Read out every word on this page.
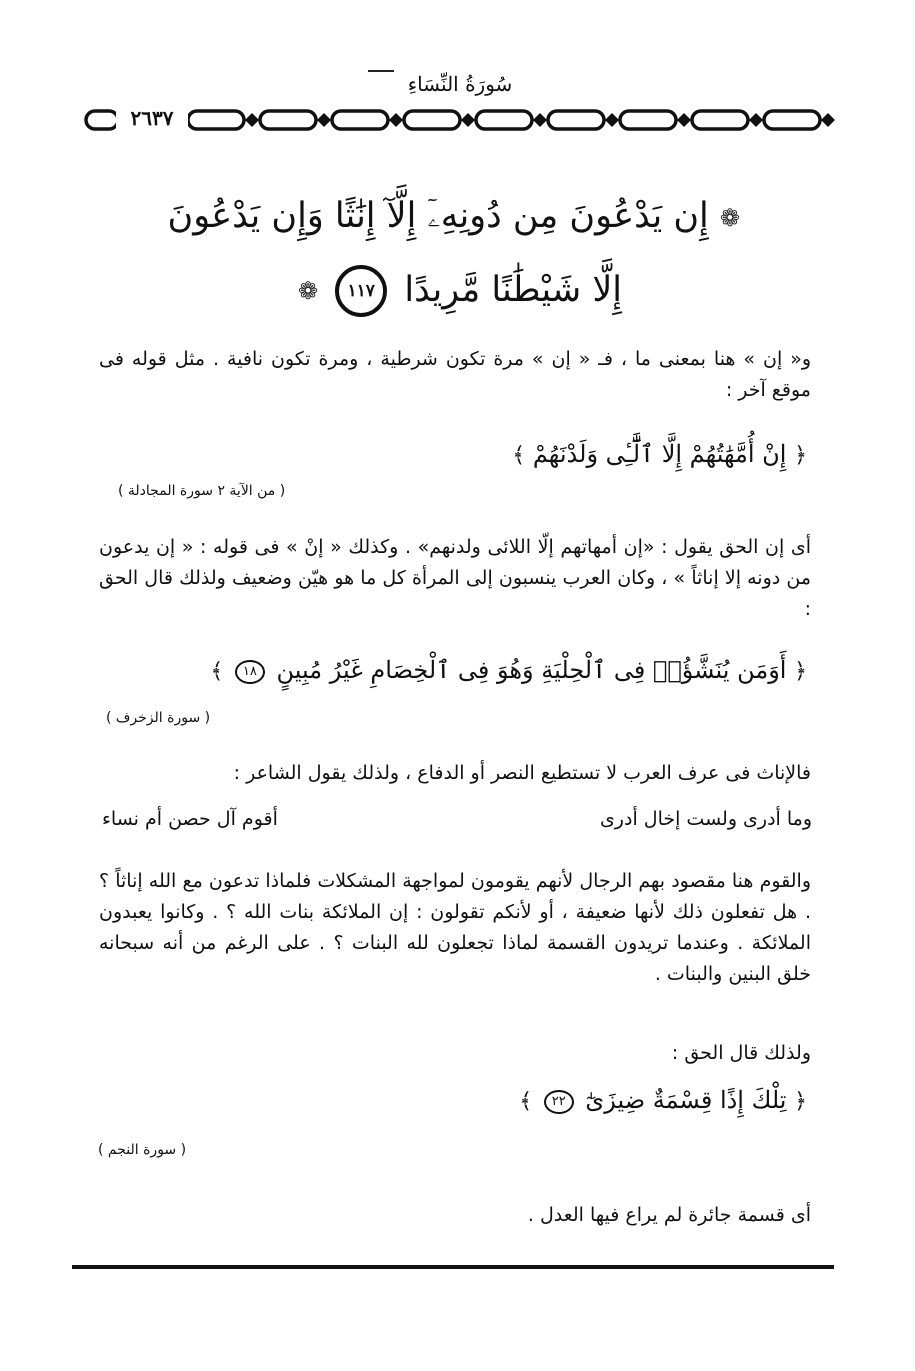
سُورَةُ النِّسَاءِ
٢٦٣٧
❁ إِن يَدْعُونَ مِن دُونِهِۦٓ إِلَّآ إِنَٰثًا وَإِن يَدْعُونَ
إِلَّا شَيْطَٰنًا مَّرِيدًا ١١٧ ❁

و« إن » هنا بمعنى ما ، فـ « إن » مرة تكون شرطية ، ومرة تكون نافية . مثل قوله فى موقع آخر :

﴿ إِنْ أُمَّهَٰتُهُمْ إِلَّا ٱلَّٰٓـِٔى وَلَدْنَهُمْ ﴾
( من الآية ٢ سورة المجادلة )

أى إن الحق يقول : «إن أمهاتهم إلّا اللائى ولدنهم» . وكذلك « إنْ » فى قوله : « إن يدعون من دونه إلا إناثاً » ، وكان العرب ينسبون إلى المرأة كل ما هو هيّن وضعيف ولذلك قال الحق :

﴿ أَوَمَن يُنَشَّؤُا۟ فِى ٱلْحِلْيَةِ وَهُوَ فِى ٱلْخِصَامِ غَيْرُ مُبِينٍ ١٨ ﴾
( سورة الزخرف )

فالإناث فى عرف العرب لا تستطيع النصر أو الدفاع ، ولذلك يقول الشاعر :

وما أدرى ولست إخال أدرى
أقوم آل حصن أم نساء

والقوم هنا مقصود بهم الرجال لأنهم يقومون لمواجهة المشكلات فلماذا تدعون مع الله إناثاً ؟ . هل تفعلون ذلك لأنها ضعيفة ، أو لأنكم تقولون : إن الملائكة بنات الله ؟ . وكانوا يعبدون الملائكة . وعندما تريدون القسمة لماذا تجعلون لله البنات ؟ . على الرغم من أنه سبحانه خلق البنين والبنات .

ولذلك قال الحق :

﴿ تِلْكَ إِذًا قِسْمَةٌ ضِيزَىٰٓ ٢٢ ﴾
( سورة النجم )

أى قسمة جائرة لم يراع فيها العدل .
